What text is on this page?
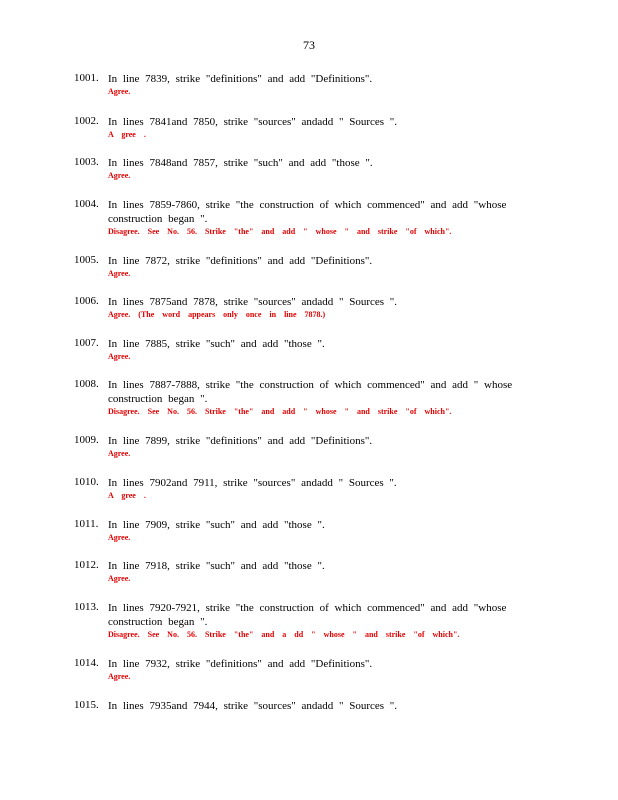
73
1001. In line 7839, strike "definitions" and add "Definitions".
Agree.
1002. In lines 7841and 7850, strike "sources" andadd " Sources ".
A gree .
1003. In lines 7848and 7857, strike "such" and add "those ".
Agree.
1004. In lines 7859-7860, strike "the construction of which commenced" and add "whose construction began ".
Disagree. See No. 56. Strike "the" and add " whose " and strike "of which".
1005. In line 7872, strike "definitions" and add "Definitions".
Agree.
1006. In lines 7875and 7878, strike "sources" andadd " Sources ".
Agree. (The word appears only once in line 7878.)
1007. In line 7885, strike "such" and add "those ".
Agree.
1008. In lines 7887-7888, strike "the construction of which commenced" and add " whose construction began ".
Disagree. See No. 56. Strike "the" and add " whose " and strike "of which".
1009. In line 7899, strike "definitions" and add "Definitions".
Agree.
1010. In lines 7902and 7911, strike "sources" andadd " Sources ".
A gree .
1011. In line 7909, strike "such" and add "those ".
Agree.
1012. In line 7918, strike "such" and add "those ".
Agree.
1013. In lines 7920-7921, strike "the construction of which commenced" and add "whose construction began ".
Disagree. See No. 56. Strike "the" and a dd " whose " and strike "of which".
1014. In line 7932, strike "definitions" and add "Definitions".
Agree.
1015. In lines 7935and 7944, strike "sources" andadd " Sources ".
